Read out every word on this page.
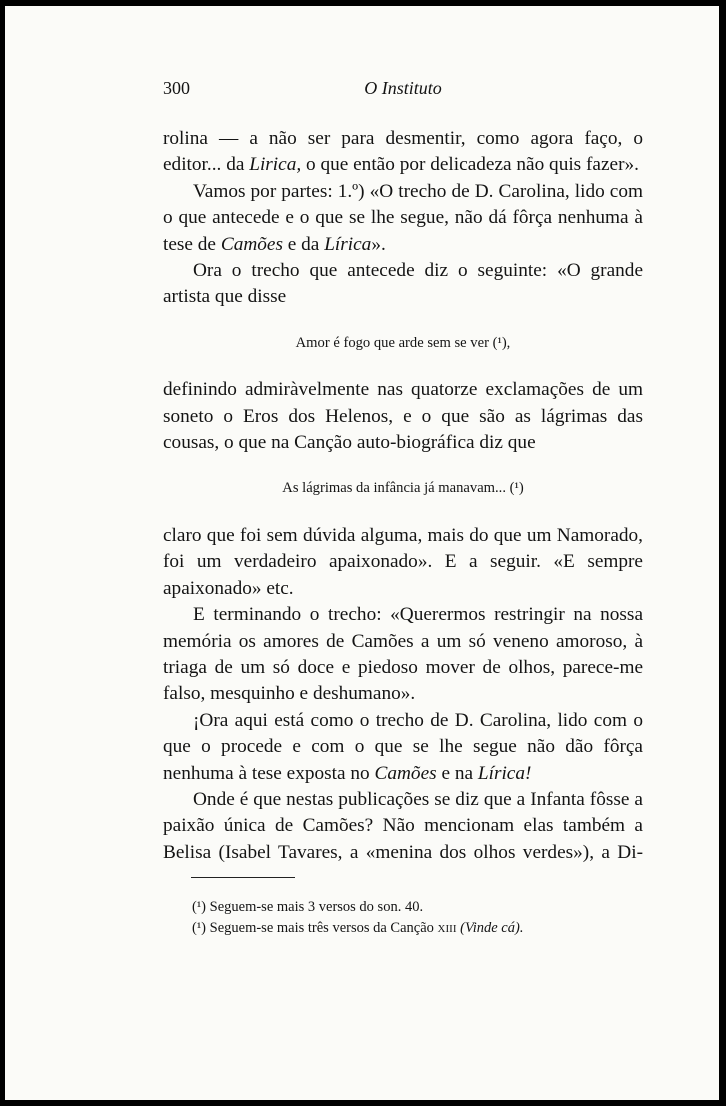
300	O Instituto

rolina — a não ser para desmentir, como agora faço, o editor... da Lirica, o que então por delicadeza não quis fazer».

Vamos por partes: 1.º) «O trecho de D. Carolina, lido com o que antecede e o que se lhe segue, não dá fôrça nenhuma à tese de Camões e da Lírica».

Ora o trecho que antecede diz o seguinte: «O grande artista que disse

Amor é fogo que arde sem se ver (¹),

definindo admiràvelmente nas quatorze exclamações de um soneto o Eros dos Helenos, e o que são as lágrimas das cousas, o que na Canção auto-biográfica diz que

As lágrimas da infância já manavam... (¹)

claro que foi sem dúvida alguma, mais do que um Namorado, foi um verdadeiro apaixonado». E a seguir. «E sempre apaixonado» etc.

E terminando o trecho: «Querermos restringir na nossa memória os amores de Camões a um só veneno amoroso, à triaga de um só doce e piedoso mover de olhos, parece-me falso, mesquinho e deshumano».

¡Ora aqui está como o trecho de D. Carolina, lido com o que o procede e com o que se lhe segue não dão fôrça nenhuma à tese exposta no Camões e na Lírica!

Onde é que nestas publicações se diz que a Infanta fôsse a paixão única de Camões? Não mencionam elas também a Belisa (Isabel Tavares, a «menina dos olhos verdes»), a Di-

(¹) Seguem-se mais 3 versos do son. 40.
(¹) Seguem-se mais três versos da Canção XIII (Vinde cá).
